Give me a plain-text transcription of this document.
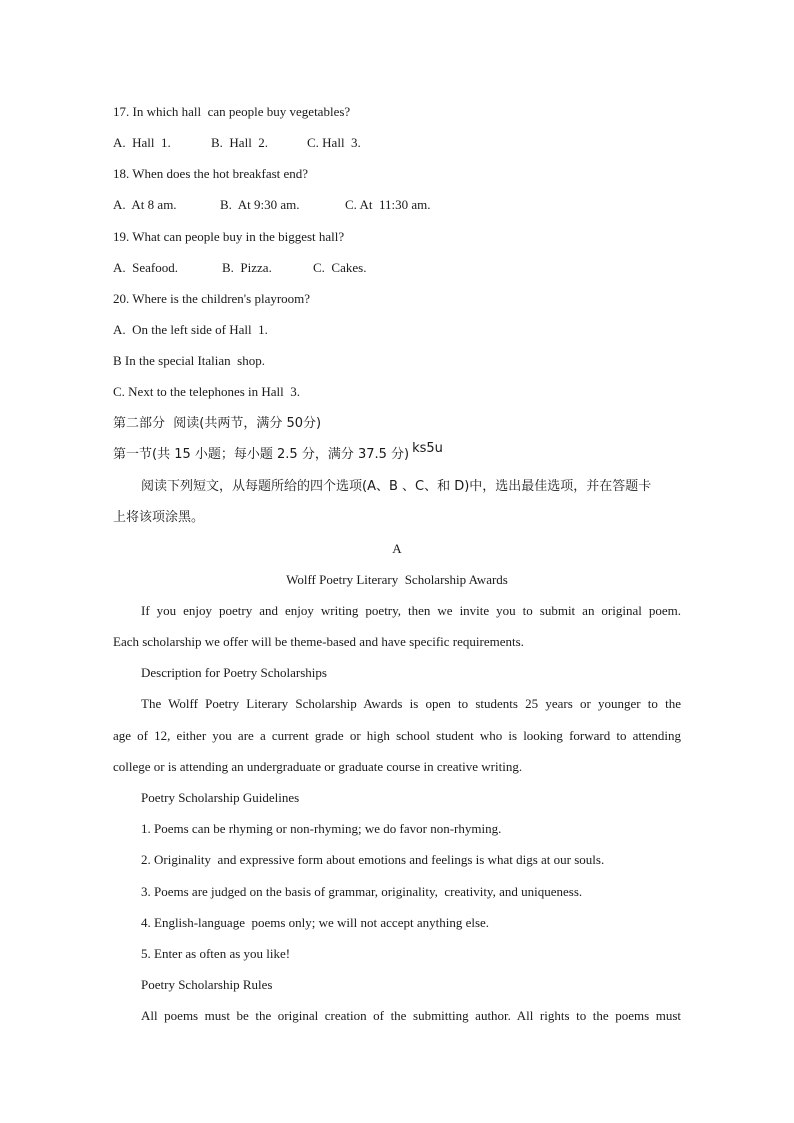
17. In which hall  can people buy vegetables?
A.  Hall  1.	B.  Hall  2.	C. Hall  3.
18. When does the hot breakfast end?
A.  At 8 am.	B.  At 9:30 am.	C. At  11:30 am.
19. What can people buy in the biggest hall?
A.  Seafood.	B.  Pizza.	C.  Cakes.
20. Where is the children's playroom?
A.  On the left side of Hall  1.
B In the special Italian  shop.
C. Next to the telephones in Hall  3.
第二部分  阅读(共两节，满分 50分)
第一节(共 15 小题；每小题 2.5 分，满分 37.5 分) ks5u
阅读下列短文，从每题所给的四个选项(A、B 、C、和 D)中，选出最佳选项，并在答题卡
上将该项涂黑。
A
Wolff Poetry Literary  Scholarship Awards
If you enjoy poetry and enjoy writing poetry, then we invite you to submit an original poem.
Each scholarship we offer will be theme-based and have specific requirements.
Description for Poetry Scholarships
The Wolff Poetry Literary Scholarship Awards is open to students 25 years or younger to the
age of 12, either you are a current grade or high school student who is looking forward to attending
college or is attending an undergraduate or graduate course in creative writing.
Poetry Scholarship Guidelines
1. Poems can be rhyming or non-rhyming; we do favor non-rhyming.
2. Originality  and expressive form about emotions and feelings is what digs at our souls.
3. Poems are judged on the basis of grammar, originality,  creativity, and uniqueness.
4. English-language  poems only; we will not accept anything else.
5. Enter as often as you like!
Poetry Scholarship Rules
All poems must be the original creation of the submitting author. All rights to the poems must
